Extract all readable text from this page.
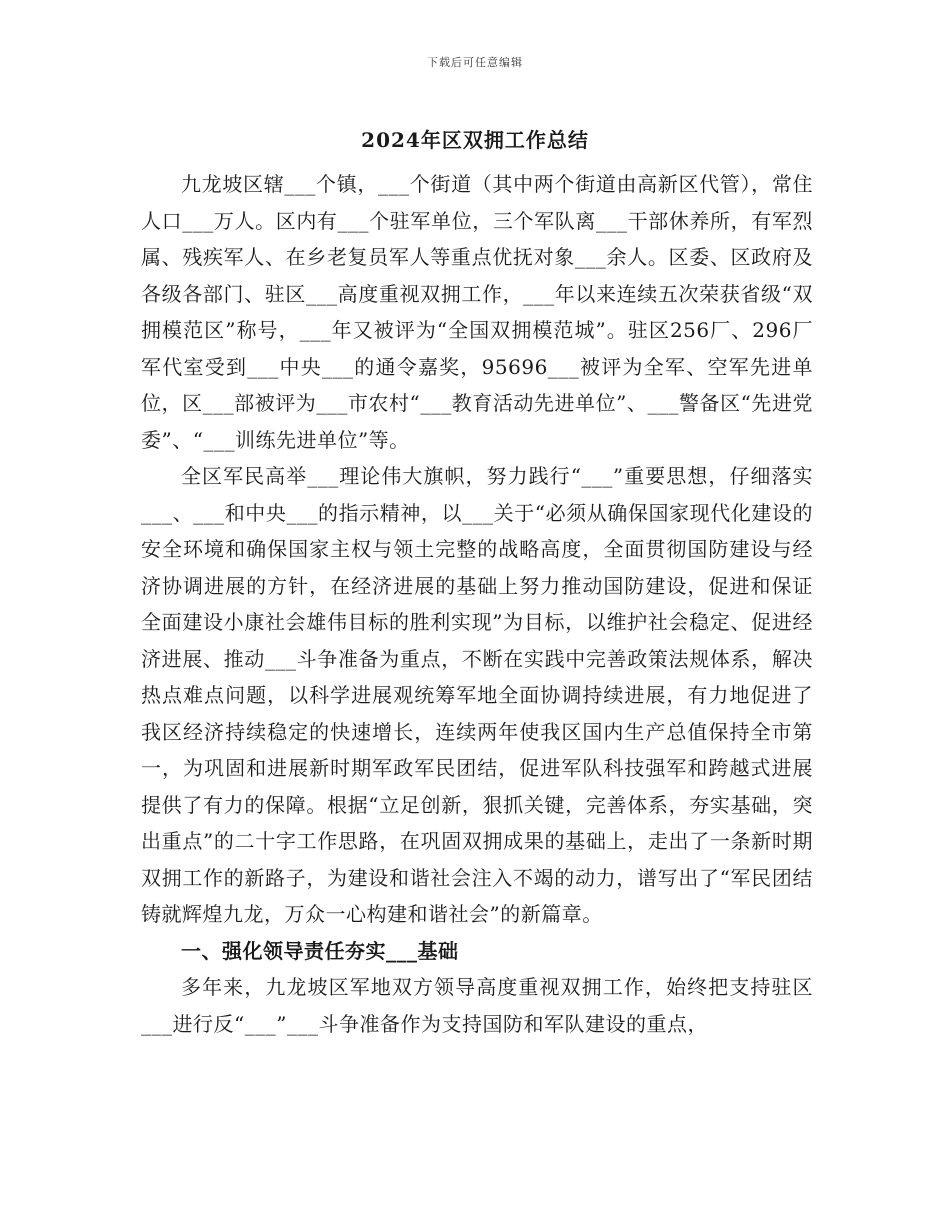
下载后可任意编辑
2024年区双拥工作总结

九龙坡区辖___个镇，___个街道（其中两个街道由高新区代管），常住人口___万人。区内有___个驻军单位，三个军队离___干部休养所，有军烈属、残疾军人、在乡老复员军人等重点优抚对象___余人。区委、区政府及各级各部门、驻区___高度重视双拥工作，___年以来连续五次荣获省级“双拥模范区”称号，___年又被评为“全国双拥模范城”。驻区256厂、296厂军代室受到___中央___的通令嘉奖，95696___被评为全军、空军先进单位，区___部被评为___市农村“___教育活动先进单位”、___警备区“先进党委”、“___训练先进单位”等。

全区军民高举___理论伟大旗帜，努力践行“___”重要思想，仔细落实___、___和中央___的指示精神，以___关于“必须从确保国家现代化建设的安全环境和确保国家主权与领土完整的战略高度，全面贯彻国防建设与经济协调进展的方针，在经济进展的基础上努力推动国防建设，促进和保证全面建设小康社会雄伟目标的胜利实现”为目标，以维护社会稳定、促进经济进展、推动___斗争准备为重点，不断在实践中完善政策法规体系，解决热点难点问题，以科学进展观统筹军地全面协调持续进展，有力地促进了我区经济持续稳定的快速增长，连续两年使我区国内生产总值保持全市第一，为巩固和进展新时期军政军民团结，促进军队科技强军和跨越式进展提供了有力的保障。根据“立足创新，狠抓关键，完善体系，夯实基础，突出重点”的二十字工作思路，在巩固双拥成果的基础上，走出了一条新时期双拥工作的新路子，为建设和谐社会注入不竭的动力，谱写出了“军民团结铸就辉煌九龙，万众一心构建和谐社会”的新篇章。

一、强化领导责任夯实___基础

多年来，九龙坡区军地双方领导高度重视双拥工作，始终把支持驻区___进行反“___”___斗争准备作为支持国防和军队建设的重点，
